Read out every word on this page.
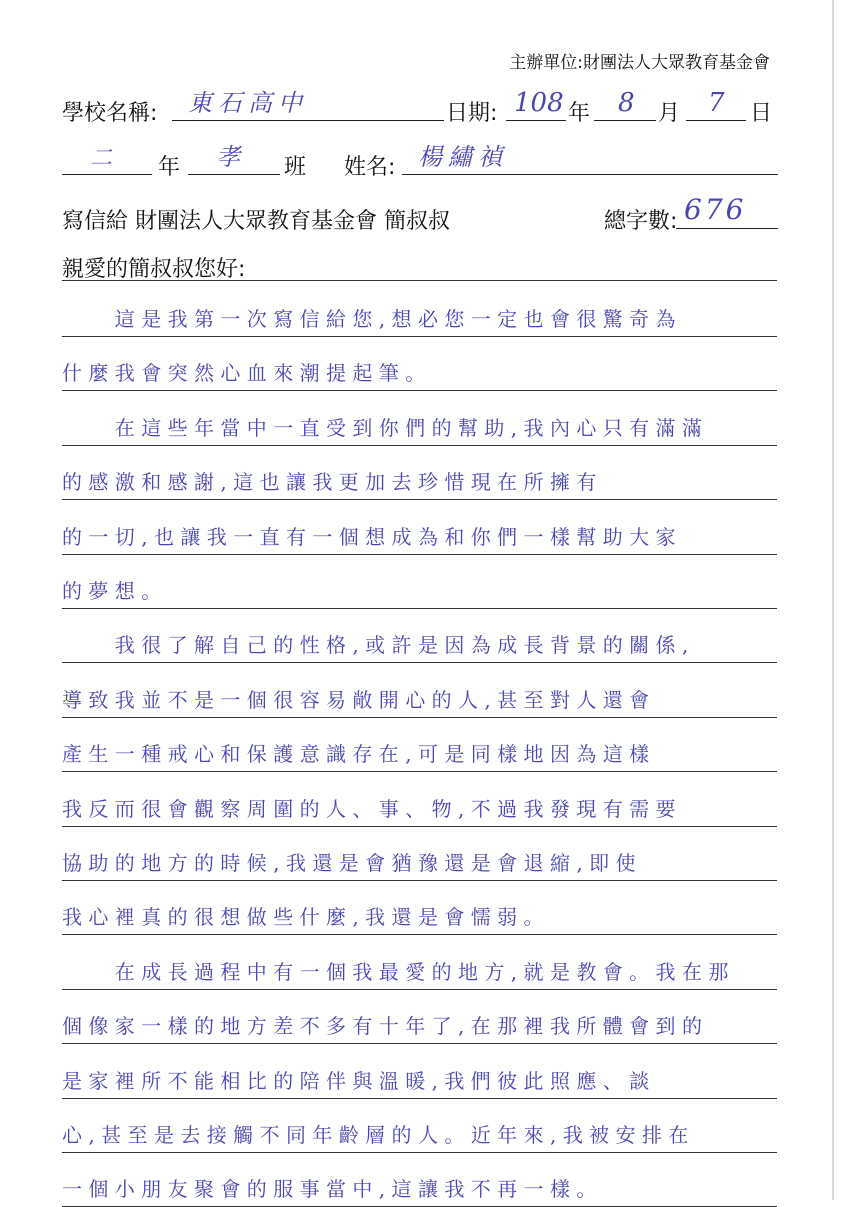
主辦單位:財團法人大眾教育基金會
學校名稱: 東石高中	日期: 108 年 8 月 7 日
二 年 孝 班 姓名: 楊繡禎
寫信給 財團法人大眾教育基金會 簡叔叔	總字數: 676
親愛的簡叔叔您好:
　　這是我第一次寫信給您,想必您一定也會很驚奇為
什麼我會突然心血來潮提起筆。
　　在這些年當中一直受到你們的幫助,我內心只有滿滿
的感激和感謝,這也讓我更加去珍惜現在所擁有
的一切,也讓我一直有一個想成為和你們一樣幫助大家
的夢想。
　　我很了解自己的性格,或許是因為成長背景的關係,
導致我並不是一個很容易敞開心的人,甚至對人還會
產生一種戒心和保護意識存在,可是同樣地因為這樣
我反而很會觀察周圍的人、事、物,不過我發現有需要
協助的地方的時候,我還是會猶豫還是會退縮,即使
我心裡真的很想做些什麼,我還是會懦弱。
　　在成長過程中有一個我最愛的地方,就是教會。我在那
個像家一樣的地方差不多有十年了,在那裡我所體會到的
是家裡所不能相比的陪伴與溫暖,我們彼此照應、談
心,甚至是去接觸不同年齡層的人。近年來,我被安排在
一個小朋友聚會的服事當中,這讓我不再一樣。
